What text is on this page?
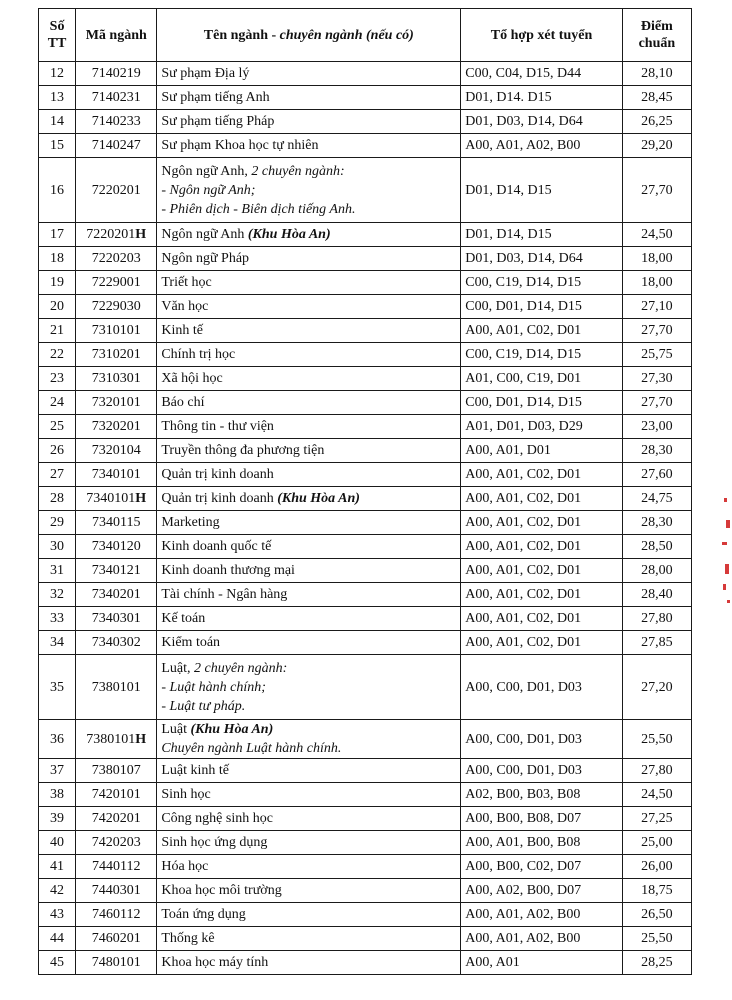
Số TT	Mã ngành	Tên ngành - chuyên ngành (nếu có)	Tổ hợp xét tuyển	Điểm chuẩn
12	7140219	Sư phạm Địa lý	C00, C04, D15, D44	28,10
13	7140231	Sư phạm tiếng Anh	D01, D14. D15	28,45
14	7140233	Sư phạm tiếng Pháp	D01, D03, D14, D64	26,25
15	7140247	Sư phạm Khoa học tự nhiên	A00, A01, A02, B00	29,20
16	7220201	Ngôn ngữ Anh, 2 chuyên ngành:
- Ngôn ngữ Anh;
- Phiên dịch - Biên dịch tiếng Anh.	D01, D14, D15	27,70
17	7220201H	Ngôn ngữ Anh (Khu Hòa An)	D01, D14, D15	24,50
18	7220203	Ngôn ngữ Pháp	D01, D03, D14, D64	18,00
19	7229001	Triết học	C00, C19, D14, D15	18,00
20	7229030	Văn học	C00, D01, D14, D15	27,10
21	7310101	Kinh tế	A00, A01, C02, D01	27,70
22	7310201	Chính trị học	C00, C19, D14, D15	25,75
23	7310301	Xã hội học	A01, C00, C19, D01	27,30
24	7320101	Báo chí	C00, D01, D14, D15	27,70
25	7320201	Thông tin - thư viện	A01, D01, D03, D29	23,00
26	7320104	Truyền thông đa phương tiện	A00, A01, D01	28,30
27	7340101	Quản trị kinh doanh	A00, A01, C02, D01	27,60
28	7340101H	Quản trị kinh doanh (Khu Hòa An)	A00, A01, C02, D01	24,75
29	7340115	Marketing	A00, A01, C02, D01	28,30
30	7340120	Kinh doanh quốc tế	A00, A01, C02, D01	28,50
31	7340121	Kinh doanh thương mại	A00, A01, C02, D01	28,00
32	7340201	Tài chính - Ngân hàng	A00, A01, C02, D01	28,40
33	7340301	Kế toán	A00, A01, C02, D01	27,80
34	7340302	Kiểm toán	A00, A01, C02, D01	27,85
35	7380101	Luật, 2 chuyên ngành:
- Luật hành chính;
- Luật tư pháp.	A00, C00, D01, D03	27,20
36	7380101H	Luật (Khu Hòa An)
Chuyên ngành Luật hành chính.	A00, C00, D01, D03	25,50
37	7380107	Luật kinh tế	A00, C00, D01, D03	27,80
38	7420101	Sinh học	A02, B00, B03, B08	24,50
39	7420201	Công nghệ sinh học	A00, B00, B08, D07	27,25
40	7420203	Sinh học ứng dụng	A00, A01, B00, B08	25,00
41	7440112	Hóa học	A00, B00, C02, D07	26,00
42	7440301	Khoa học môi trường	A00, A02, B00, D07	18,75
43	7460112	Toán ứng dụng	A00, A01, A02, B00	26,50
44	7460201	Thống kê	A00, A01, A02, B00	25,50
45	7480101	Khoa học máy tính	A00, A01	28,25
